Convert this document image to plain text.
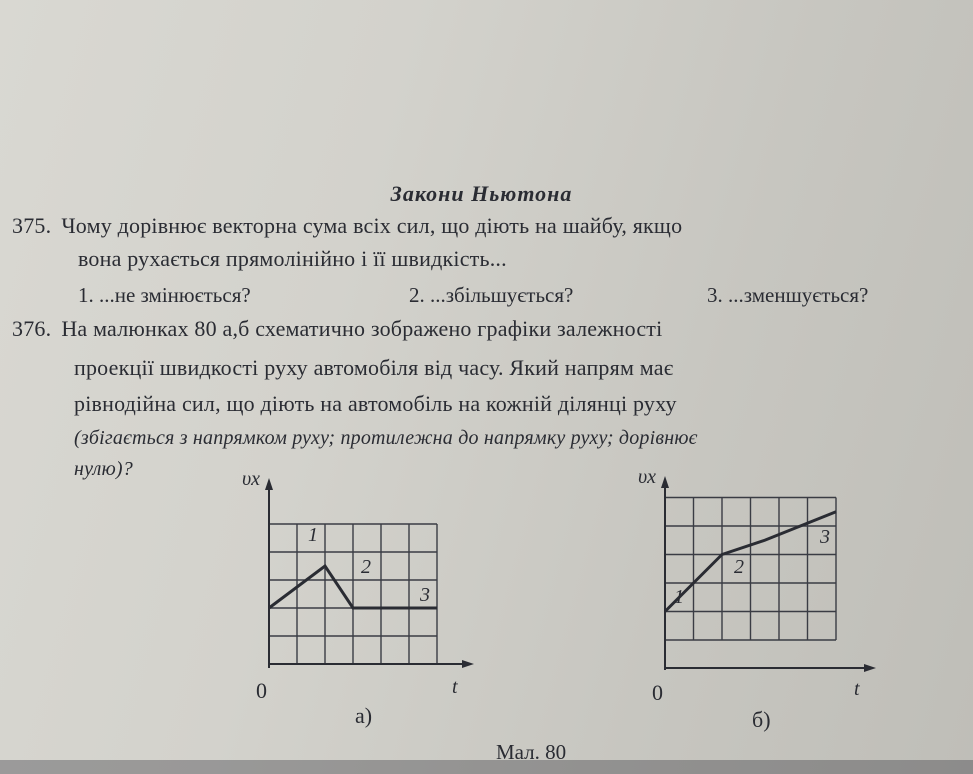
Закони Ньютона
375. Чому дорівнює векторна сума всіх сил, що діють на шайбу, якщо
вона рухається прямолінійно і її швидкість...
1. ...не змінюється?	2. ...збільшується?	3. ...зменшується?
376. На малюнках 80 а,б схематично зображено графіки залежності
проекції швидкості руху автомобіля від часу. Який напрям має
рівнодійна сил, що діють на автомобіль на кожній ділянці руху
(збігається з напрямком руху; протилежна до напрямку руху; дорівнює
нулю)?	υx
t
0
1
2
3
а)
υx
t
0
1
2
3
б)
Мал. 80
